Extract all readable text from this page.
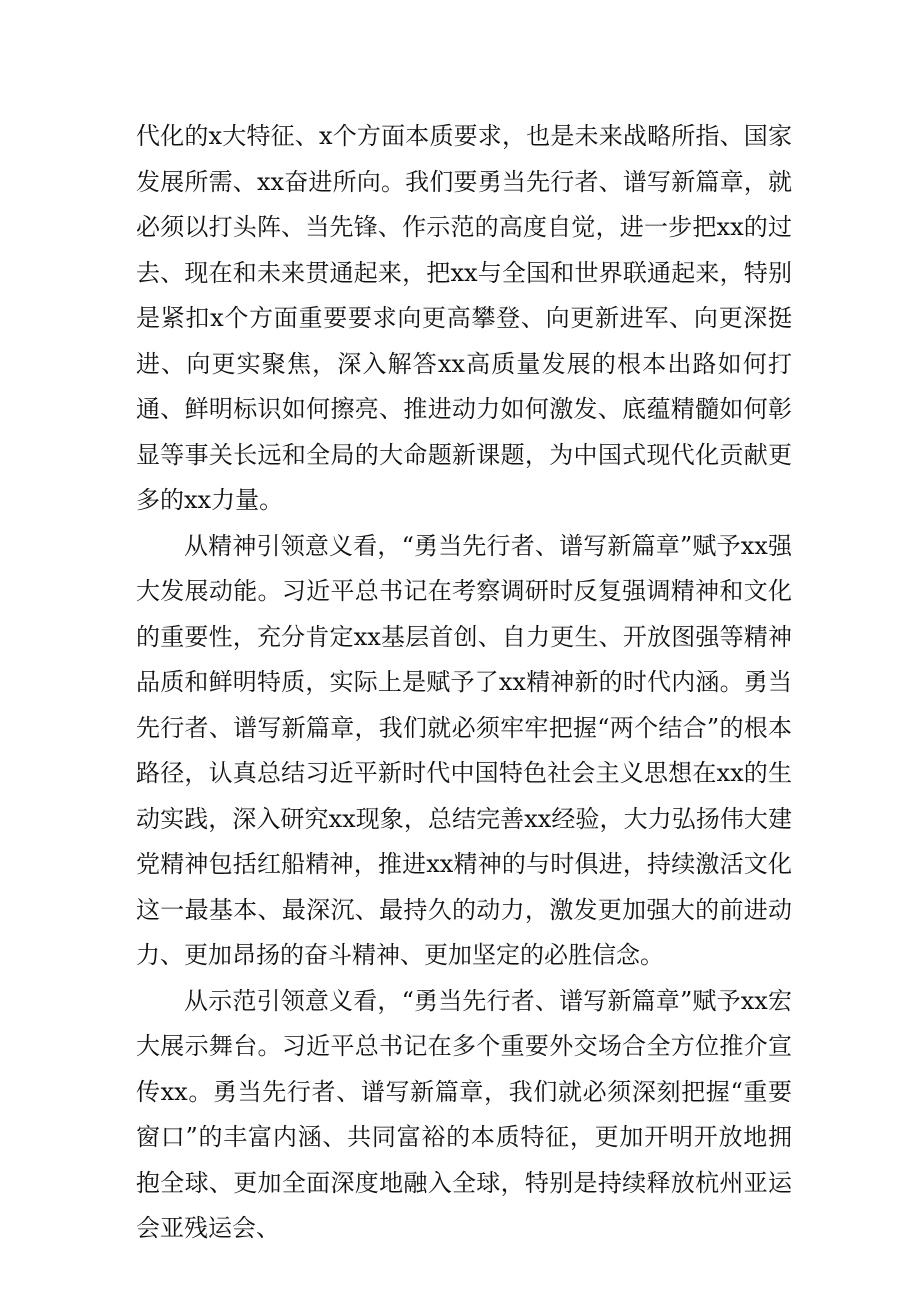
代化的x大特征、x个方面本质要求，也是未来战略所指、国家发展所需、xx奋进所向。我们要勇当先行者、谱写新篇章，就必须以打头阵、当先锋、作示范的高度自觉，进一步把xx的过去、现在和未来贯通起来，把xx与全国和世界联通起来，特别是紧扣x个方面重要要求向更高攀登、向更新进军、向更深挺进、向更实聚焦，深入解答xx高质量发展的根本出路如何打通、鲜明标识如何擦亮、推进动力如何激发、底蕴精髓如何彰显等事关长远和全局的大命题新课题，为中国式现代化贡献更多的xx力量。

从精神引领意义看，“勇当先行者、谱写新篇章”赋予xx强大发展动能。习近平总书记在考察调研时反复强调精神和文化的重要性，充分肯定xx基层首创、自力更生、开放图强等精神品质和鲜明特质，实际上是赋予了xx精神新的时代内涵。勇当先行者、谱写新篇章，我们就必须牢牢把握“两个结合”的根本路径，认真总结习近平新时代中国特色社会主义思想在xx的生动实践，深入研究xx现象，总结完善xx经验，大力弘扬伟大建党精神包括红船精神，推进xx精神的与时俱进，持续激活文化这一最基本、最深沉、最持久的动力，激发更加强大的前进动力、更加昂扬的奋斗精神、更加坚定的必胜信念。

从示范引领意义看，“勇当先行者、谱写新篇章”赋予xx宏大展示舞台。习近平总书记在多个重要外交场合全方位推介宣传xx。勇当先行者、谱写新篇章，我们就必须深刻把握“重要窗口”的丰富内涵、共同富裕的本质特征，更加开明开放地拥抱全球、更加全面深度地融入全球，特别是持续释放杭州亚运会亚残运会、
